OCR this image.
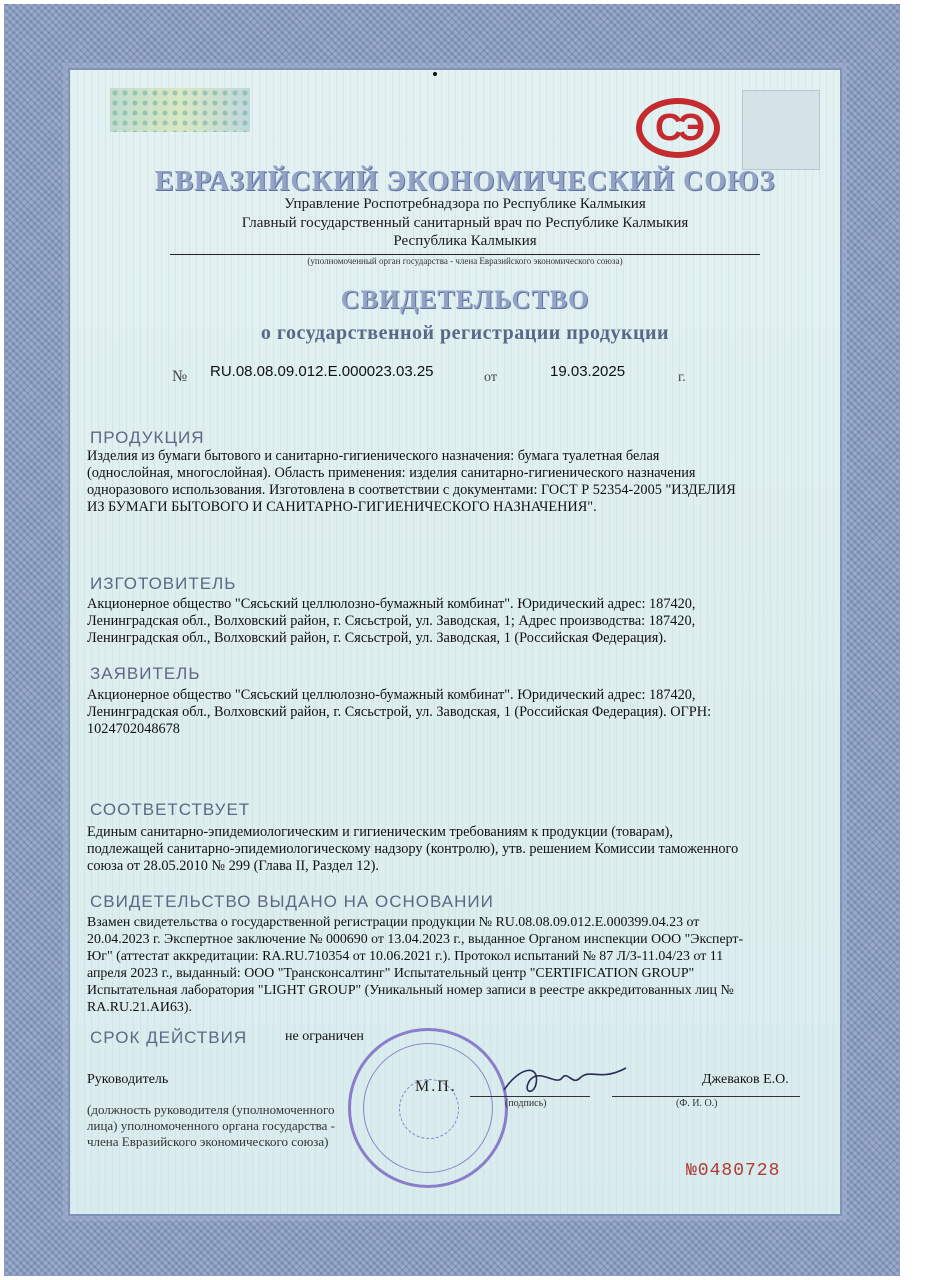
СЭ
ЕВРАЗИЙСКИЙ ЭКОНОМИЧЕСКИЙ СОЮЗ
Управление Роспотребнадзора по Республике Калмыкия
Главный государственный санитарный врач по Республике Калмыкия
Республика Калмыкия
(уполномоченный орган государства - члена Евразийского экономического союза)
СВИДЕТЕЛЬСТВО
о государственной регистрации продукции
№ RU.08.08.09.012.Е.000023.03.25	от	19.03.2025	г.
ПРОДУКЦИЯ
Изделия из бумаги бытового и санитарно-гигиенического назначения: бумага туалетная белая
(однослойная, многослойная). Область применения: изделия санитарно-гигиенического назначения
одноразового использования. Изготовлена в соответствии с документами: ГОСТ Р 52354-2005 "ИЗДЕЛИЯ
ИЗ БУМАГИ БЫТОВОГО И САНИТАРНО-ГИГИЕНИЧЕСКОГО НАЗНАЧЕНИЯ".
ИЗГОТОВИТЕЛЬ
Акционерное общество "Сясьский целлюлозно-бумажный комбинат". Юридический адрес: 187420,
Ленинградская обл., Волховский район, г. Сясьстрой, ул. Заводская, 1; Адрес производства: 187420,
Ленинградская обл., Волховский район, г. Сясьстрой, ул. Заводская, 1 (Российская Федерация).
ЗАЯВИТЕЛЬ
Акционерное общество "Сясьский целлюлозно-бумажный комбинат". Юридический адрес: 187420,
Ленинградская обл., Волховский район, г. Сясьстрой, ул. Заводская, 1 (Российская Федерация). ОГРН:
1024702048678
СООТВЕТСТВУЕТ
Единым санитарно-эпидемиологическим и гигиеническим требованиям к продукции (товарам),
подлежащей санитарно-эпидемиологическому надзору (контролю), утв. решением Комиссии таможенного
союза от 28.05.2010 № 299 (Глава II, Раздел 12).
СВИДЕТЕЛЬСТВО ВЫДАНО НА ОСНОВАНИИ
Взамен свидетельства о государственной регистрации продукции № RU.08.08.09.012.Е.000399.04.23 от
20.04.2023 г. Экспертное заключение № 000690 от 13.04.2023 г., выданное Органом инспекции ООО "Эксперт-
Юг" (аттестат аккредитации: RA.RU.710354 от 10.06.2021 г.). Протокол испытаний № 87 Л/З-11.04/23 от 11
апреля 2023 г., выданный: ООО "Трансконсалтинг" Испытательный центр "CERTIFICATION GROUP"
Испытательная лаборатория "LIGHT GROUP" (Уникальный номер записи в реестре аккредитованных лиц №
RA.RU.21.АИ63).
СРОК ДЕЙСТВИЯ	не ограничен
Руководитель	М.П.
(подпись)	(Ф. И. О.)
Джеваков Е.О.
(должность руководителя (уполномоченного
лица) уполномоченного органа государства -
члена Евразийского экономического союза)
№0480728
